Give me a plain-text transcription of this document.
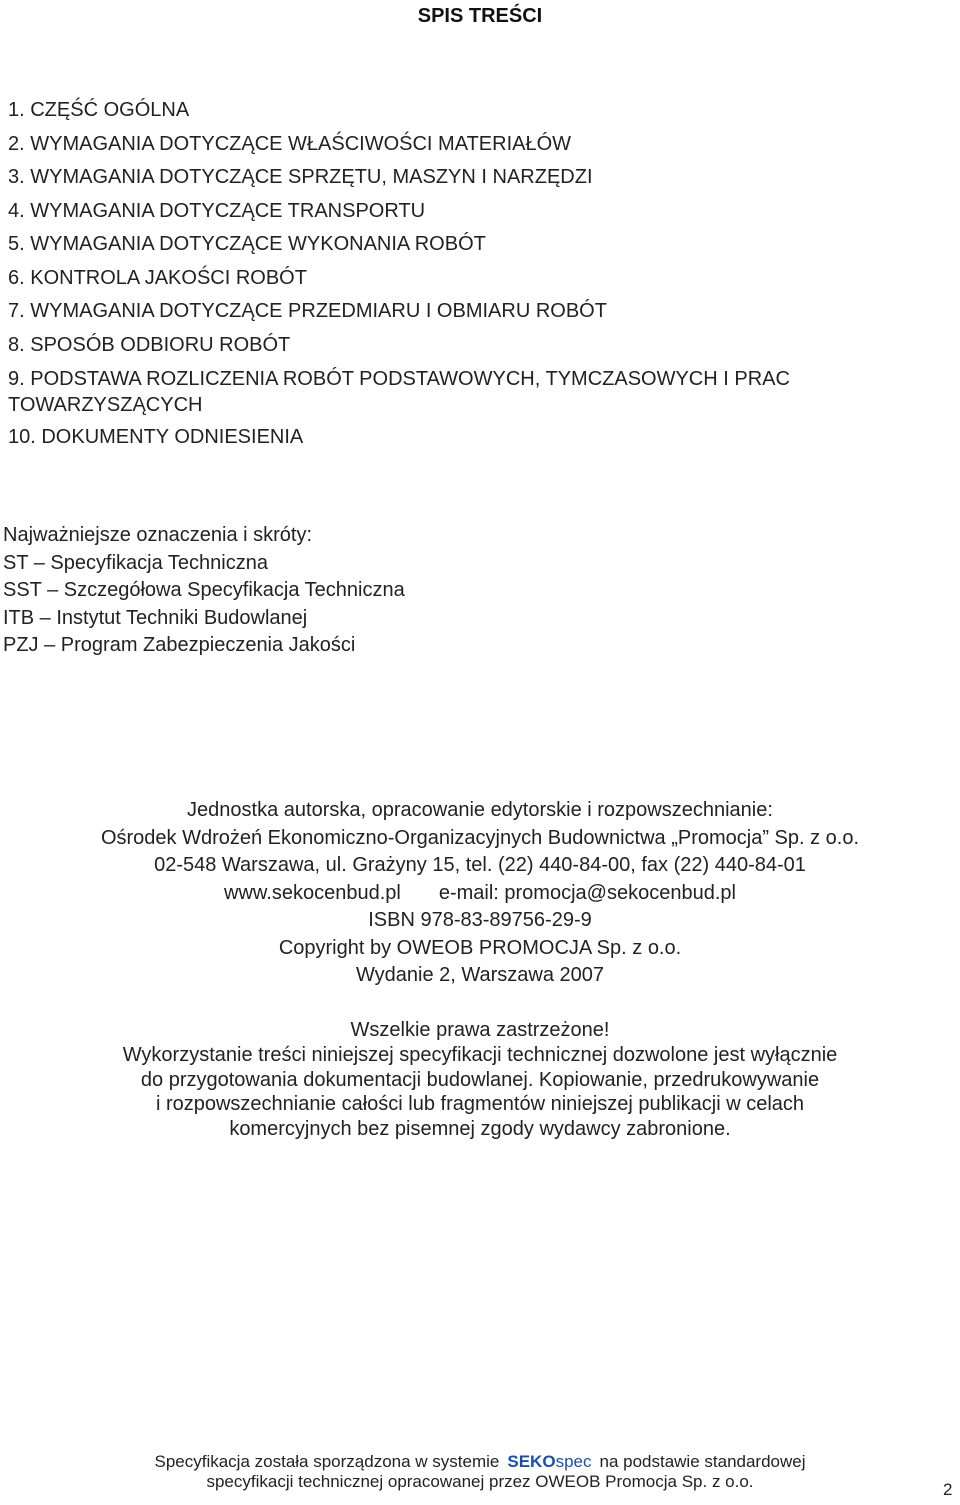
SPIS TREŚCI
1. CZĘŚĆ OGÓLNA
2. WYMAGANIA DOTYCZĄCE WŁAŚCIWOŚCI MATERIAŁÓW
3. WYMAGANIA DOTYCZĄCE SPRZĘTU, MASZYN I NARZĘDZI
4. WYMAGANIA DOTYCZĄCE TRANSPORTU
5. WYMAGANIA DOTYCZĄCE WYKONANIA ROBÓT
6. KONTROLA JAKOŚCI ROBÓT
7. WYMAGANIA DOTYCZĄCE PRZEDMIARU I OBMIARU ROBÓT
8. SPOSÓB ODBIORU ROBÓT
9. PODSTAWA ROZLICZENIA ROBÓT PODSTAWOWYCH, TYMCZASOWYCH I PRAC TOWARZYSZĄCYCH
10. DOKUMENTY ODNIESIENIA
Najważniejsze oznaczenia i skróty:
ST – Specyfikacja Techniczna
SST – Szczegółowa Specyfikacja Techniczna
ITB – Instytut Techniki Budowlanej
PZJ – Program Zabezpieczenia Jakości
Jednostka autorska, opracowanie edytorskie i rozpowszechnianie:
Ośrodek Wdrożeń Ekonomiczno-Organizacyjnych Budownictwa „Promocja” Sp. z o.o.
02-548 Warszawa, ul. Grażyny 15, tel. (22) 440-84-00, fax (22) 440-84-01
www.sekocenbud.pl e-mail: promocja@sekocenbud.pl
ISBN 978-83-89756-29-9
Copyright by OWEOB PROMOCJA Sp. z o.o.
Wydanie 2, Warszawa 2007
Wszelkie prawa zastrzeżone!
Wykorzystanie treści niniejszej specyfikacji technicznej dozwolone jest wyłącznie
do przygotowania dokumentacji budowlanej. Kopiowanie, przedrukowywanie
i rozpowszechnianie całości lub fragmentów niniejszej publikacji w celach
komercyjnych bez pisemnej zgody wydawcy zabronione.
Specyfikacja została sporządzona w systemie SEKOspec na podstawie standardowej
specyfikacji technicznej opracowanej przez OWEOB Promocja Sp. z o.o.	2
